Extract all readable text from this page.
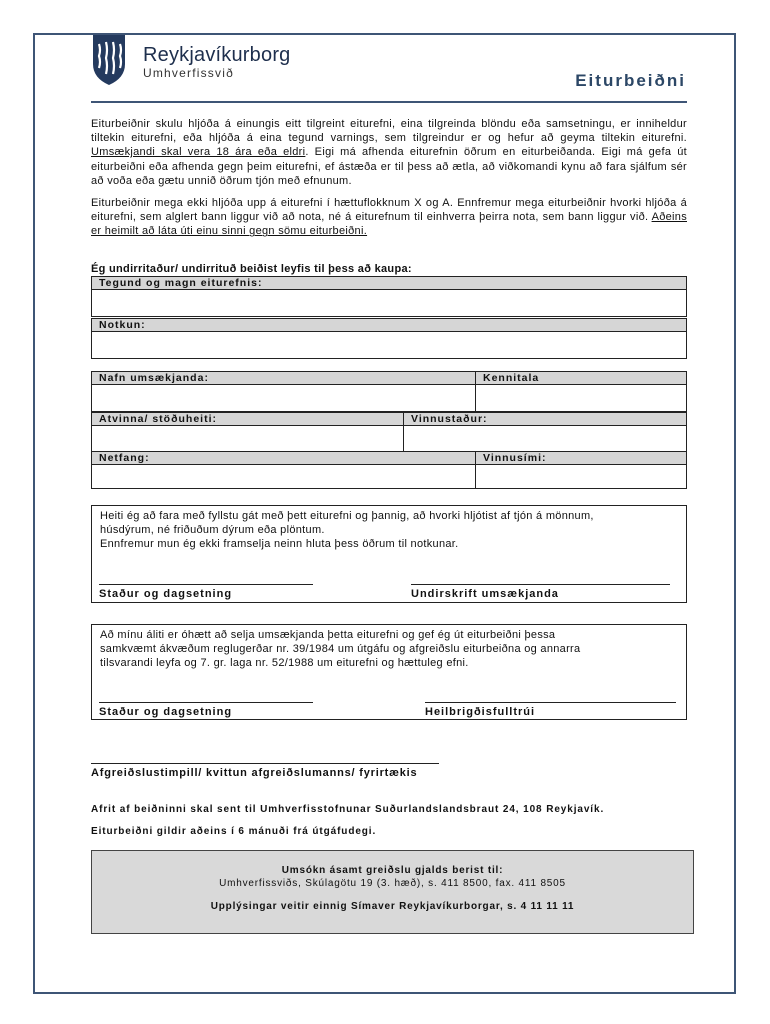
Reykjavíkurborg
Umhverfissvið	Eiturbeiðni
Eiturbeiðnir skulu hljóða á einungis eitt tilgreint eiturefni, eina tilgreinda blöndu eða samsetningu, er inniheldur tiltekin eiturefni, eða hljóða á eina tegund varnings, sem tilgreindur er og hefur að geyma tiltekin eiturefni. Umsækjandi skal vera 18 ára eða eldri. Eigi má afhenda eiturefnin öðrum en eiturbeiðanda. Eigi má gefa út eiturbeiðni eða afhenda gegn þeim eiturefni, ef ástæða er til þess að ætla, að viðkomandi kynu að fara sjálfum sér að voða eða gætu unnið öðrum tjón með efnunum.
Eiturbeiðnir mega ekki hljóða upp á eiturefni í hættuflokknum X og A. Ennfremur mega eiturbeiðnir hvorki hljóða á eiturefni, sem alglert bann liggur við að nota, né á eiturefnum til einhverra þeirra nota, sem bann liggur við. Aðeins er heimilt að láta úti einu sinni gegn sömu eiturbeiðni.
Ég undirritaður/ undirrituð beiðist leyfis til þess að kaupa:
Tegund og magn eiturefnis:
Notkun:
Nafn umsækjanda:	Kennitala
Atvinna/ stöðuheiti:	Vinnustaður:
Netfang:	Vinnusími:
Heiti ég að fara með fyllstu gát með þett eiturefni og þannig, að hvorki hljótist af tjón á mönnum,
húsdýrum, né friðuðum dýrum eða plöntum.
Ennfremur mun ég ekki framselja neinn hluta þess öðrum til notkunar.
Staður og dagsetning	Undirskrift umsækjanda
Að mínu áliti er óhætt að selja umsækjanda þetta eiturefni og gef ég út eiturbeiðni þessa
samkvæmt ákvæðum reglugerðar nr. 39/1984 um útgáfu og afgreiðslu eiturbeiðna og annarra
tilsvarandi leyfa og 7. gr. laga nr. 52/1988 um eiturefni og hættuleg efni.
Staður og dagsetning	Heilbrigðisfulltrúi
Afgreiðslustimpill/ kvittun afgreiðslumanns/ fyrirtækis
Afrit af beiðninni skal sent til Umhverfisstofnunar Suðurlandslandsbraut 24, 108 Reykjavík.
Eiturbeiðni gildir aðeins í 6 mánuði frá útgáfudegi.
Umsókn ásamt greiðslu gjalds berist til:
Umhverfissviðs, Skúlagötu 19 (3. hæð), s. 411 8500, fax. 411 8505
Upplýsingar veitir einnig Símaver Reykjavíkurborgar, s. 4 11 11 11
